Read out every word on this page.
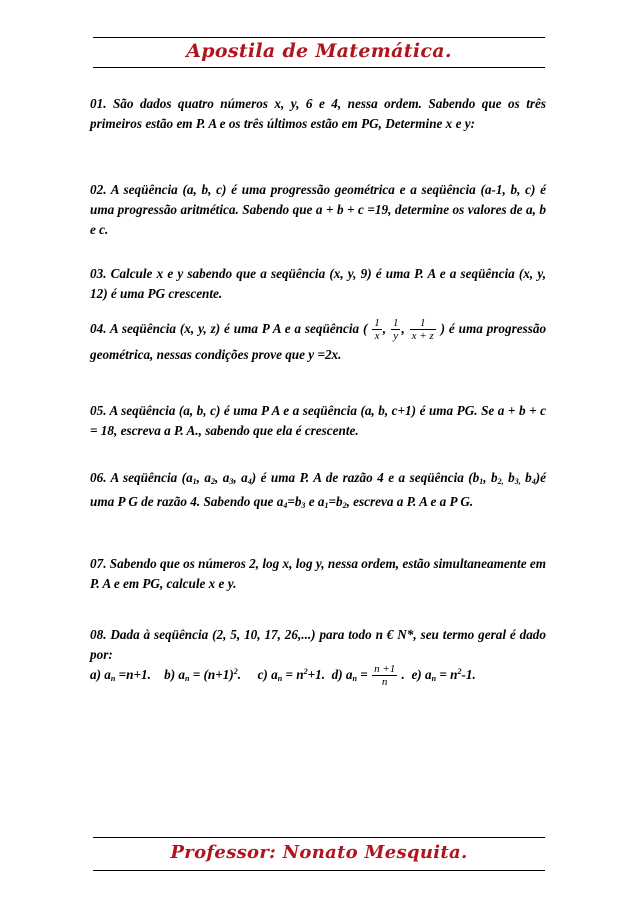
Apostila de Matemática.

01. São dados quatro números x, y, 6 e 4, nessa ordem. Sabendo que os três primeiros estão em P. A e os três últimos estão em PG, Determine x e y:

02. A seqüência (a, b, c) é uma progressão geométrica e a seqüência (a-1, b, c) é uma progressão aritmética. Sabendo que a + b + c =19, determine os valores de a, b e c.

03. Calcule x e y sabendo que a seqüência (x, y, 9) é uma P. A e a seqüência (x, y, 12) é uma PG crescente.

04. A seqüência (x, y, z) é uma P A e a seqüência ( $\frac{1}{x}$ , $\frac{1}{y}$ , $\frac{1}{x + z}$ ) é uma progressão geométrica, nessas condições prove que y =2x.

05. A seqüência (a, b, c) é uma P A e a seqüência (a, b, c+1) é uma PG. Se a + b + c = 18, escreva a P. A., sabendo que ela é crescente.

06. A seqüência ($a_1$, $a_2$, $a_3$, $a_4$) é uma P. A de razão 4 e a seqüência ($b_1$, $b_{2,}$ $b_{3,}$ $b_4)é$ uma P G de razão 4. Sabendo que $a_4=b_3$ e $a_1=b_2$, escreva a P. A e a P G.

07. Sabendo que os números 2, log x, log y, nessa ordem, estão simultaneamente em P. A e em PG, calcule x e y.

08. Dada à seqüência (2, 5, 10, 17, 26,...) para todo n € N*, seu termo geral é dado por:

a) $a_n =n+1$. b) $a_n = (n+1)^2$. c) $a_n = n^2+1$. d) $a_n = \frac{n +1}{n}$ . e) $a_n = n^2-1$.
Professor: Nonato Mesquita.
